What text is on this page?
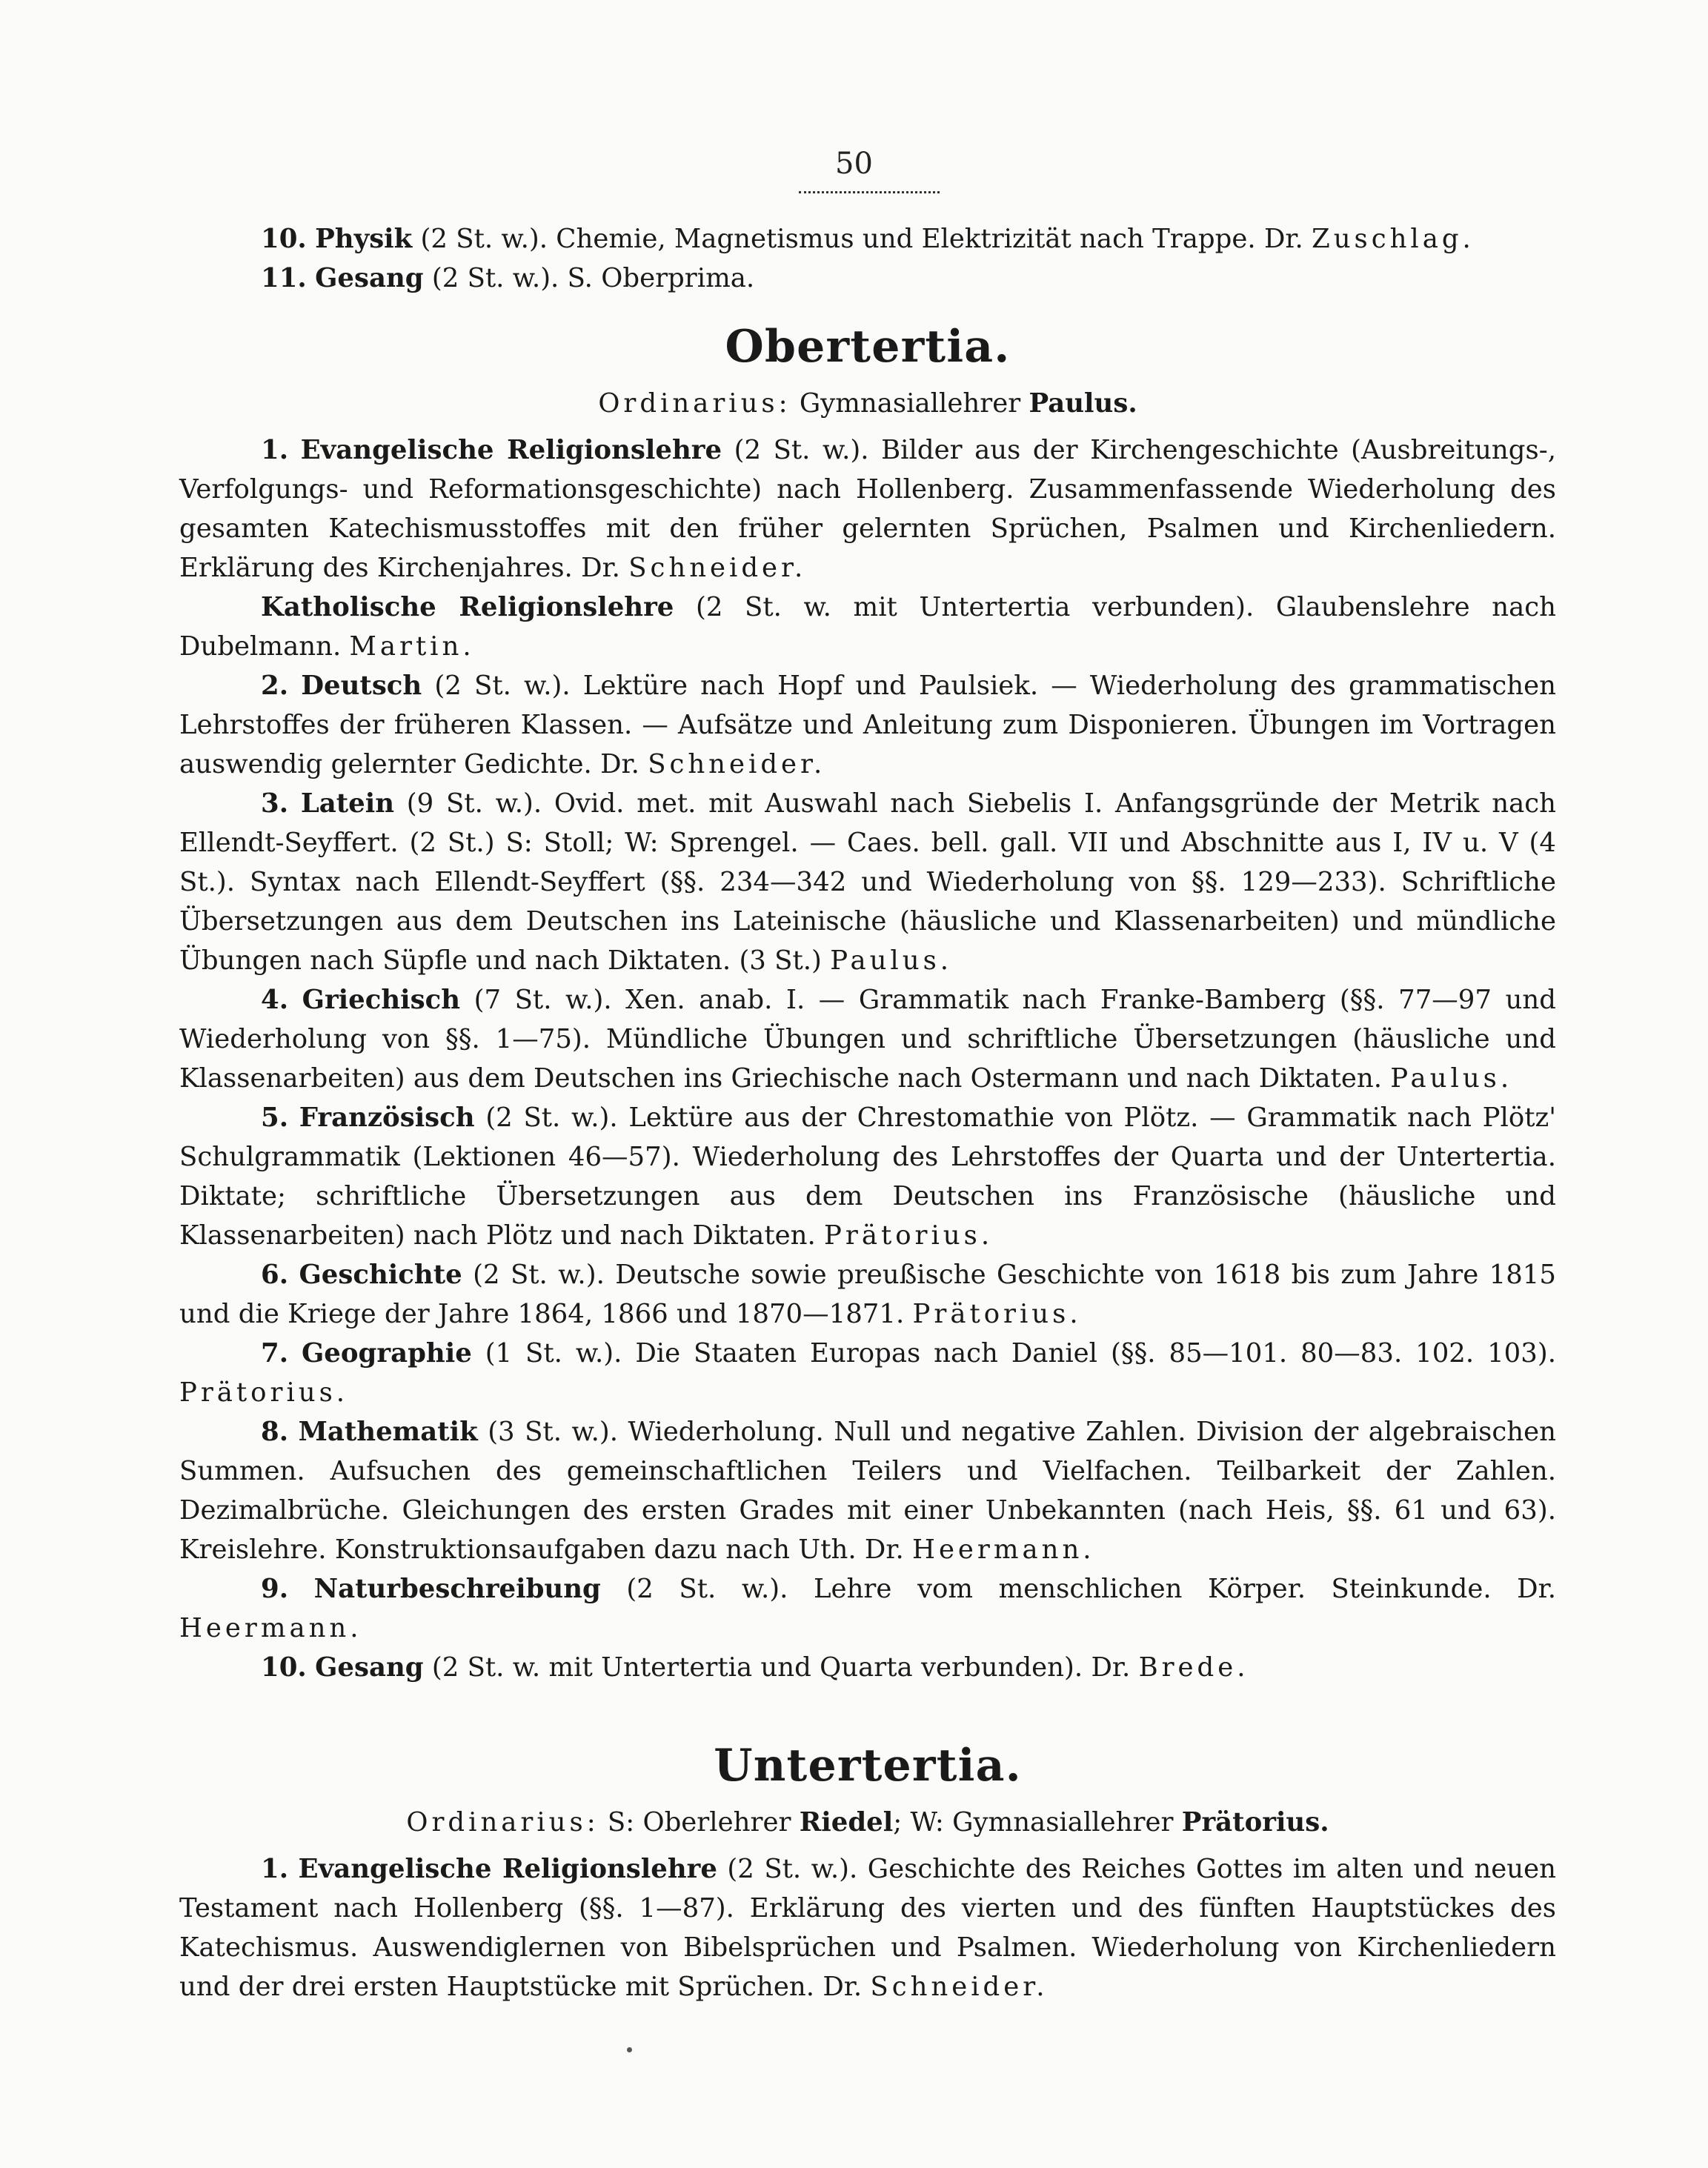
50

10. Physik (2 St. w.). Chemie, Magnetismus und Elektrizität nach Trappe. Dr. Zuschlag.

11. Gesang (2 St. w.). S. Oberprima.

Obertertia.

Ordinarius: Gymnasiallehrer Paulus.

1. Evangelische Religionslehre (2 St. w.). Bilder aus der Kirchengeschichte (Ausbreitungs-, Verfolgungs- und Reformationsgeschichte) nach Hollenberg. Zusammenfassende Wiederholung des gesamten Katechismusstoffes mit den früher gelernten Sprüchen, Psalmen und Kirchenliedern. Erklärung des Kirchenjahres. Dr. Schneider.

Katholische Religionslehre (2 St. w. mit Untertertia verbunden). Glaubenslehre nach Dubelmann. Martin.

2. Deutsch (2 St. w.). Lektüre nach Hopf und Paulsiek. — Wiederholung des grammatischen Lehrstoffes der früheren Klassen. — Aufsätze und Anleitung zum Disponieren. Übungen im Vortragen auswendig gelernter Gedichte. Dr. Schneider.

3. Latein (9 St. w.). Ovid. met. mit Auswahl nach Siebelis I. Anfangsgründe der Metrik nach Ellendt-Seyffert. (2 St.) S: Stoll; W: Sprengel. — Caes. bell. gall. VII und Abschnitte aus I, IV u. V (4 St.). Syntax nach Ellendt-Seyffert (§§. 234—342 und Wiederholung von §§. 129—233). Schriftliche Übersetzungen aus dem Deutschen ins Lateinische (häusliche und Klassenarbeiten) und mündliche Übungen nach Süpfle und nach Diktaten. (3 St.) Paulus.

4. Griechisch (7 St. w.). Xen. anab. I. — Grammatik nach Franke-Bamberg (§§. 77—97 und Wiederholung von §§. 1—75). Mündliche Übungen und schriftliche Übersetzungen (häusliche und Klassenarbeiten) aus dem Deutschen ins Griechische nach Ostermann und nach Diktaten. Paulus.

5. Französisch (2 St. w.). Lektüre aus der Chrestomathie von Plötz. — Grammatik nach Plötz' Schulgrammatik (Lektionen 46—57). Wiederholung des Lehrstoffes der Quarta und der Untertertia. Diktate; schriftliche Übersetzungen aus dem Deutschen ins Französische (häusliche und Klassenarbeiten) nach Plötz und nach Diktaten. Prätorius.

6. Geschichte (2 St. w.). Deutsche sowie preußische Geschichte von 1618 bis zum Jahre 1815 und die Kriege der Jahre 1864, 1866 und 1870—1871. Prätorius.

7. Geographie (1 St. w.). Die Staaten Europas nach Daniel (§§. 85—101. 80—83. 102. 103). Prätorius.

8. Mathematik (3 St. w.). Wiederholung. Null und negative Zahlen. Division der algebraischen Summen. Aufsuchen des gemeinschaftlichen Teilers und Vielfachen. Teilbarkeit der Zahlen. Dezimalbrüche. Gleichungen des ersten Grades mit einer Unbekannten (nach Heis, §§. 61 und 63). Kreislehre. Konstruktionsaufgaben dazu nach Uth. Dr. Heermann.

9. Naturbeschreibung (2 St. w.). Lehre vom menschlichen Körper. Steinkunde. Dr. Heermann.

10. Gesang (2 St. w. mit Untertertia und Quarta verbunden). Dr. Brede.

Untertertia.

Ordinarius: S: Oberlehrer Riedel; W: Gymnasiallehrer Prätorius.

1. Evangelische Religionslehre (2 St. w.). Geschichte des Reiches Gottes im alten und neuen Testament nach Hollenberg (§§. 1—87). Erklärung des vierten und des fünften Hauptstückes des Katechismus. Auswendiglernen von Bibelsprüchen und Psalmen. Wiederholung von Kirchenliedern und der drei ersten Hauptstücke mit Sprüchen. Dr. Schneider.
